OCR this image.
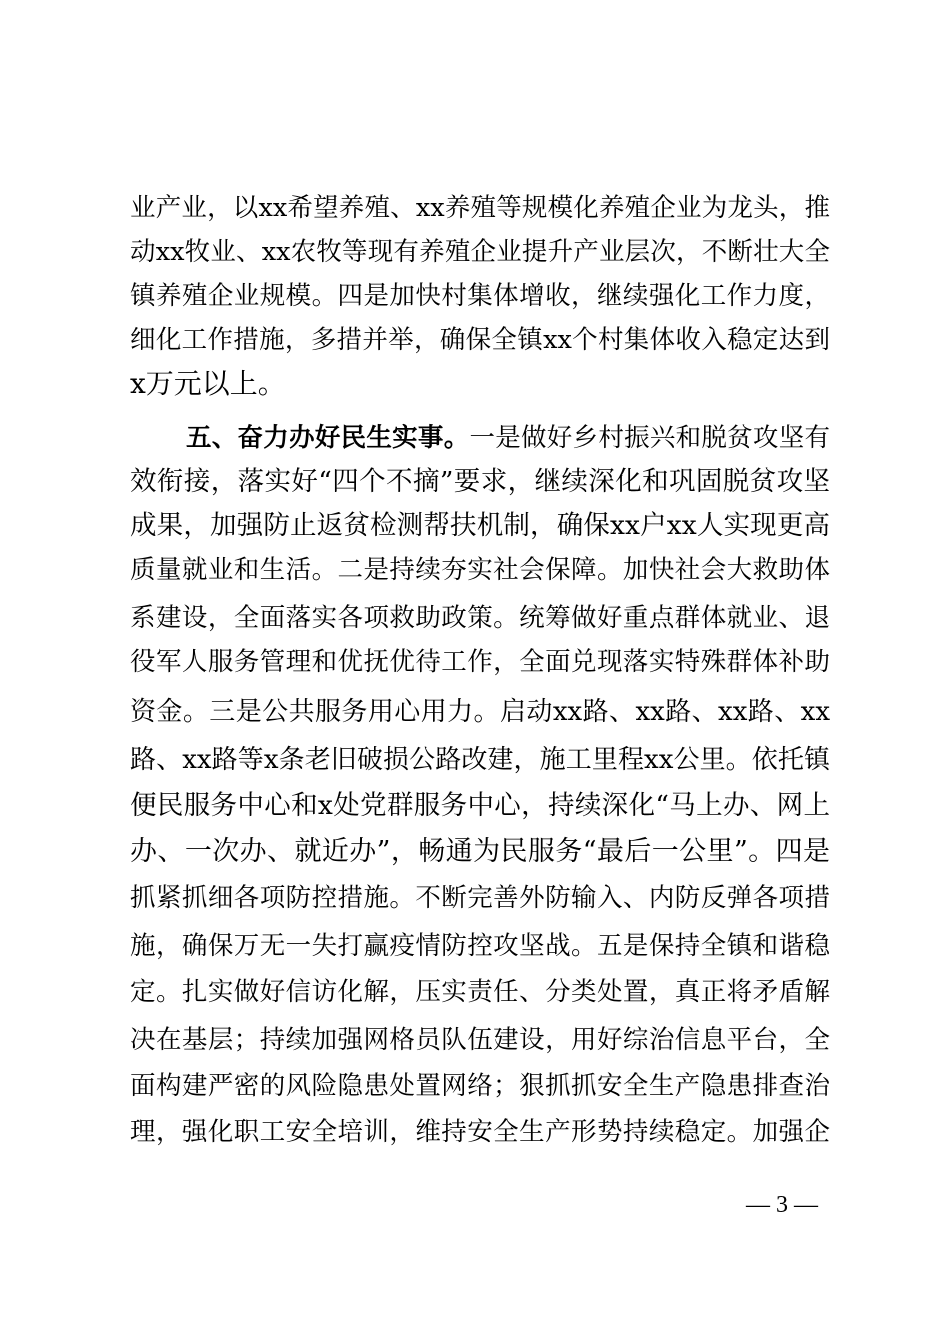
业产业，以xx希望养殖、xx养殖等规模化养殖企业为龙头，推
动xx牧业、xx农牧等现有养殖企业提升产业层次，不断壮大全
镇养殖企业规模。四是加快村集体增收，继续强化工作力度，
细化工作措施，多措并举，确保全镇xx个村集体收入稳定达到
x万元以上。
五、奋力办好民生实事。一是做好乡村振兴和脱贫攻坚有
效衔接，落实好“四个不摘”要求，继续深化和巩固脱贫攻坚
成果，加强防止返贫检测帮扶机制，确保xx户xx人实现更高
质量就业和生活。二是持续夯实社会保障。加快社会大救助体
系建设，全面落实各项救助政策。统筹做好重点群体就业、退
役军人服务管理和优抚优待工作，全面兑现落实特殊群体补助
资金。三是公共服务用心用力。启动xx路、xx路、xx路、xx
路、xx路等x条老旧破损公路改建，施工里程xx公里。依托镇
便民服务中心和x处党群服务中心，持续深化“马上办、网上
办、一次办、就近办”，畅通为民服务“最后一公里”。四是
抓紧抓细各项防控措施。不断完善外防输入、内防反弹各项措
施，确保万无一失打赢疫情防控攻坚战。五是保持全镇和谐稳
定。扎实做好信访化解，压实责任、分类处置，真正将矛盾解
决在基层；持续加强网格员队伍建设，用好综治信息平台，全
面构建严密的风险隐患处置网络；狠抓抓安全生产隐患排查治
理，强化职工安全培训，维持安全生产形势持续稳定。加强企
— 3 —
